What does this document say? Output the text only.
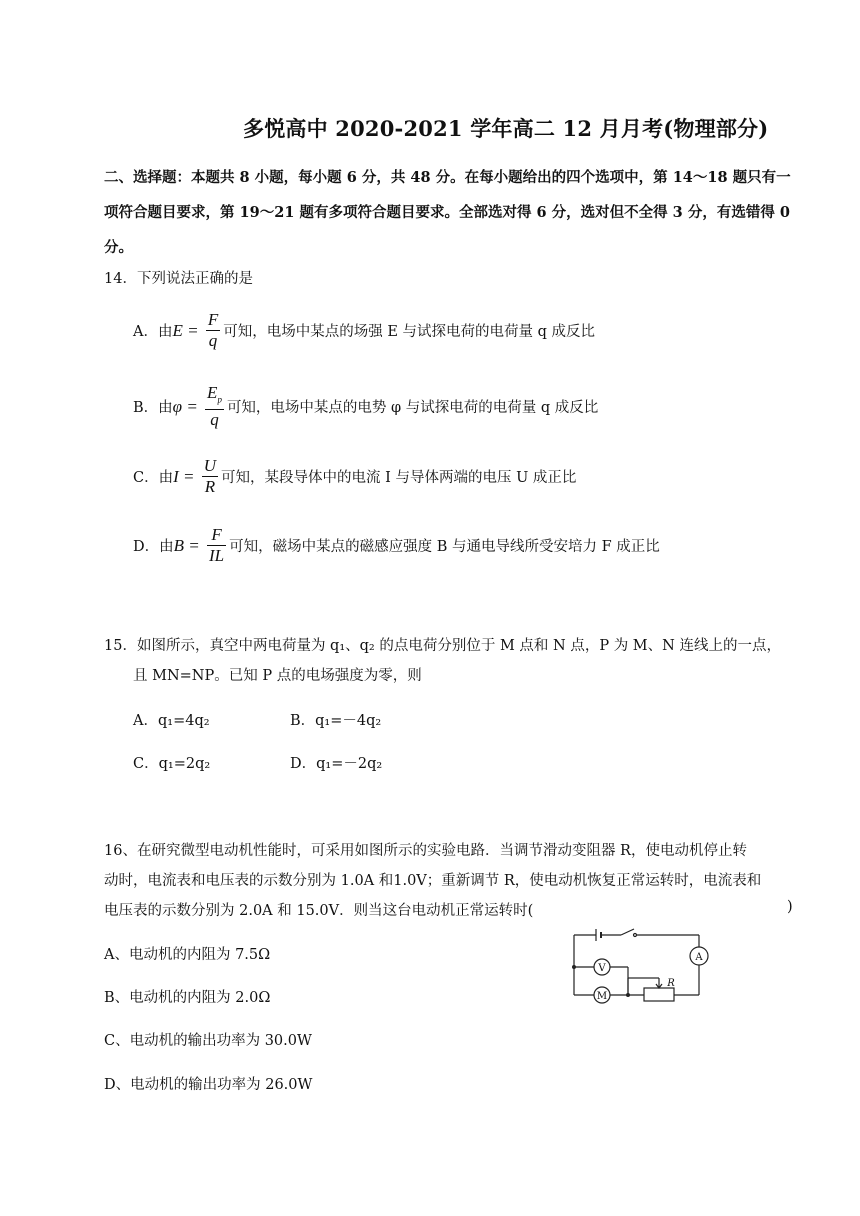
多悦高中 2020-2021 学年高二 12 月月考(物理部分)
二、选择题：本题共 8 小题，每小题 6 分，共 48 分。在每小题给出的四个选项中，第 14～18 题只有一项符合题目要求，第 19～21 题有多项符合题目要求。全部选对得 6 分，选对但不全得 3 分，有选错得 0 分。
14．下列说法正确的是
A．由 $E = \frac{F}{q}$ 可知，电场中某点的场强 E 与试探电荷的电荷量 q 成反比
B．由 $\varphi = \frac{E_p}{q}$ 可知，电场中某点的电势 φ 与试探电荷的电荷量 q 成反比
C．由 $I = \frac{U}{R}$ 可知，某段导体中的电流 I 与导体两端的电压 U 成正比
D．由 $B = \frac{F}{IL}$ 可知，磁场中某点的磁感应强度 B 与通电导线所受安培力 F 成正比
15．如图所示，真空中两电荷量为 q₁、q₂ 的点电荷分别位于 M 点和 N 点，P 为 M、N 连线上的一点，
且 MN=NP。已知 P 点的电场强度为零，则
A．q₁=4q₂	B．q₁=－4q₂
C．q₁=2q₂	D．q₁=－2q₂
16、在研究微型电动机性能时，可采用如图所示的实验电路．当调节滑动变阻器 R，使电动机停止转
动时，电流表和电压表的示数分别为 1.0A 和1.0V；重新调节 R，使电动机恢复正常运转时，电流表和
电压表的示数分别为 2.0A 和 15.0V．则当这台电动机正常运转时(	)
A、电动机的内阻为 7.5Ω
B、电动机的内阻为 2.0Ω
C、电动机的输出功率为 30.0W
D、电动机的输出功率为 26.0W
V
M
A
R
